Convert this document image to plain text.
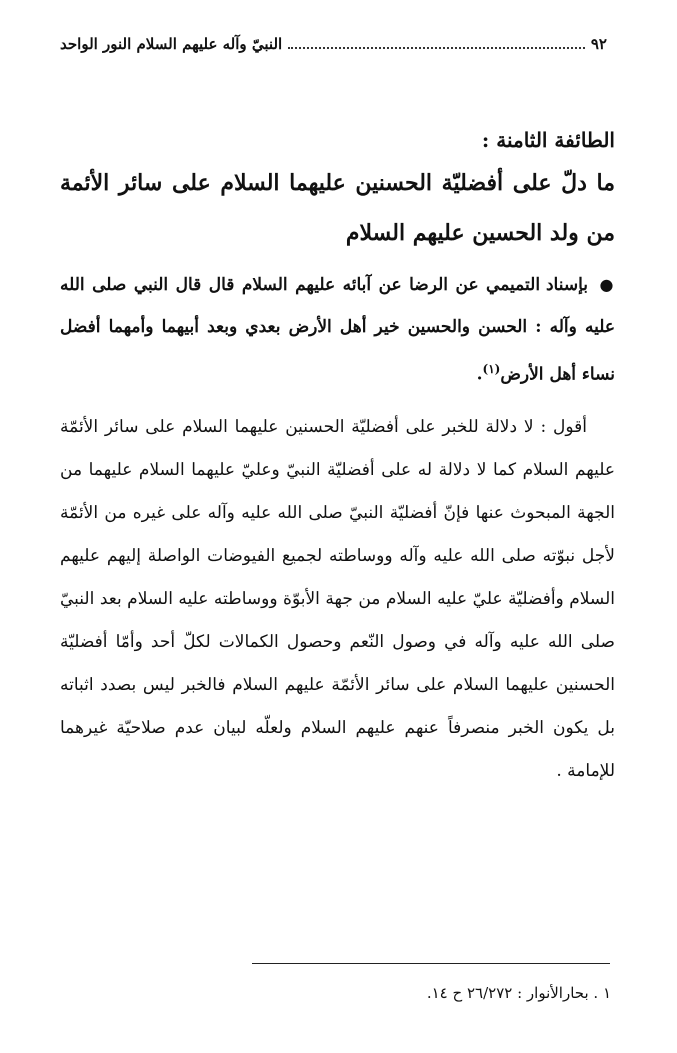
٩٢
النبيّ وآله عليهم السلام النور الواحد
الطائفة الثامنة :
ما دلّ على أفضليّة الحسنين عليهما السلام على سائر الأئمة من ولد الحسين عليهم السلام

● بإسناد التميمي عن الرضا عن آبائه عليهم السلام قال قال النبي صلى الله عليه وآله : الحسن والحسين خير أهل الأرض بعدي وبعد أبيهما وأمهما أفضل نساء أهل الأرض$^{(١)}$.

أقول : لا دلالة للخبر على أفضليّة الحسنين عليهما السلام على سائر الأئمّة عليهم السلام كما لا دلالة له على أفضليّة النبيّ وعليّ عليهما السلام عليهما من الجهة المبحوث عنها فإنّ أفضليّة النبيّ صلى الله عليه وآله على غيره من الأئمّة لأجل نبوّته صلى الله عليه وآله ووساطته لجميع الفيوضات الواصلة إليهم عليهم السلام وأفضليّة عليّ عليه السلام من جهة الأبوّة ووساطته عليه السلام بعد النبيّ صلى الله عليه وآله في وصول النّعم وحصول الكمالات لكلّ أحد وأمّا أفضليّة الحسنين عليهما السلام على سائر الأئمّة عليهم السلام فالخبر ليس بصدد اثباته بل يكون الخبر منصرفاً عنهم عليهم السلام ولعلّه لبيان عدم صلاحيّة غيرهما للإمامة .

١ . بحارالأنوار : ٢٦/٢٧٢ ح ١٤.
